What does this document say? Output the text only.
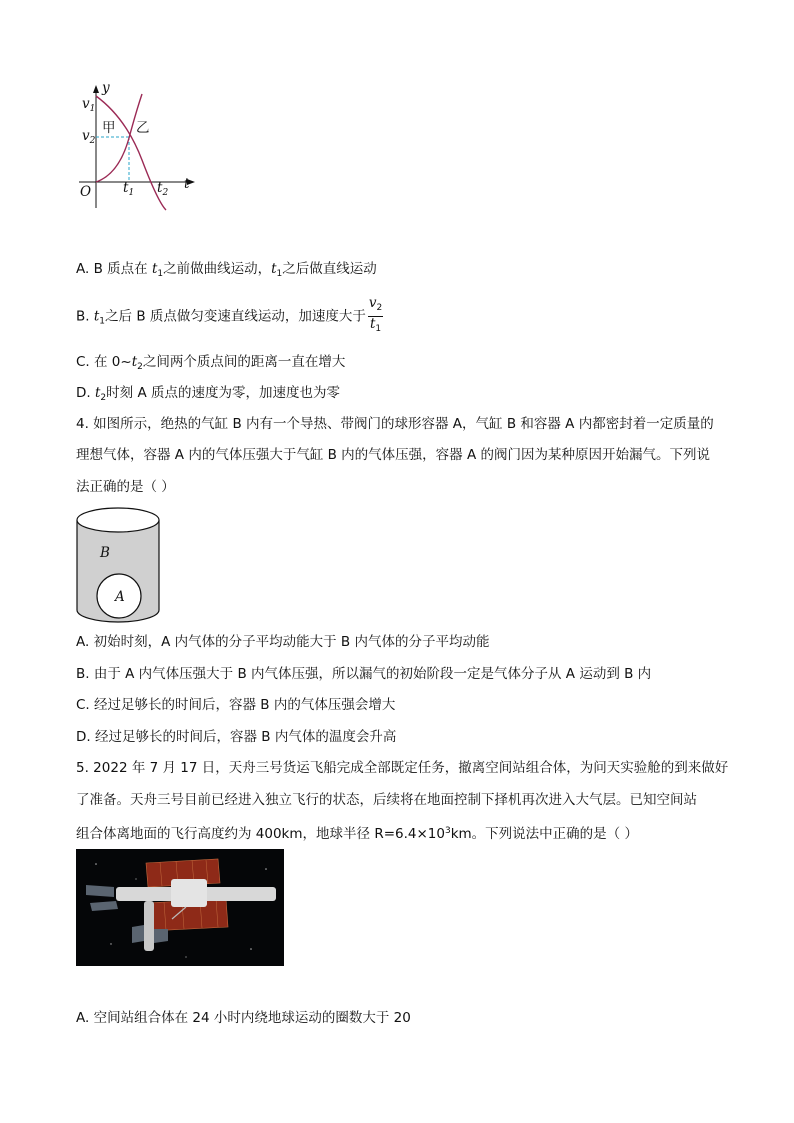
y
t
O
$v_1$
$v_2$
$t_1$ $t_2$
甲 乙
A. B 质点在 $t_1$之前做曲线运动，$t_1$之后做直线运动
B. $t_1$之后 B 质点做匀变速直线运动，加速度大于 $\frac{v_2}{t_1}$
C. 在 $0\sim t_2$之间两个质点间的距离一直在增大
D. $t_2$时刻 A 质点的速度为零，加速度也为零
4. 如图所示，绝热的气缸 B 内有一个导热、带阀门的球形容器 A，气缸 B 和容器 A 内都密封着一定质量的
理想气体，容器 A 内的气体压强大于气缸 B 内的气体压强，容器 A 的阀门因为某种原因开始漏气。下列说
法正确的是（ ）
B
A
A. 初始时刻，A 内气体的分子平均动能大于 B 内气体的分子平均动能
B. 由于 A 内气体压强大于 B 内气体压强，所以漏气的初始阶段一定是气体分子从 A 运动到 B 内
C. 经过足够长的时间后，容器 B 内的气体压强会增大
D. 经过足够长的时间后，容器 B 内气体的温度会升高
5. 2022 年 7 月 17 日，天舟三号货运飞船完成全部既定任务，撤离空间站组合体，为问天实验舱的到来做好
了准备。天舟三号目前已经进入独立飞行的状态，后续将在地面控制下择机再次进入大气层。已知空间站
组合体离地面的飞行高度约为 400km，地球半径 $R=6.4\times 10^3km$。下列说法中正确的是（ ）
A. 空间站组合体在 24 小时内绕地球运动的圈数大于 20
